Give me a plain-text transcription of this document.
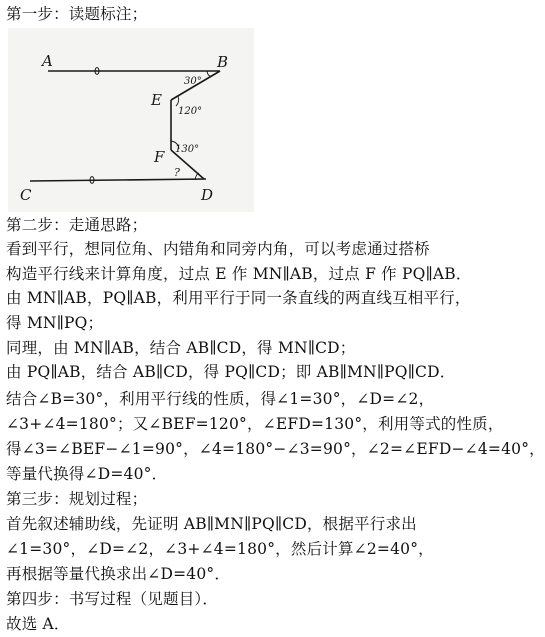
第一步：读题标注；
A	B
E
F
C	D
30°
120°
130°
?
第二步：走通思路；
看到平行，想同位角、内错角和同旁内角，可以考虑通过搭桥
构造平行线来计算角度，过点 E 作 MN∥AB，过点 F 作 PQ∥AB．
由 MN∥AB，PQ∥AB，利用平行于同一条直线的两直线互相平行，
得 MN∥PQ；
同理，由 MN∥AB，结合 AB∥CD，得 MN∥CD；
由 PQ∥AB，结合 AB∥CD，得 PQ∥CD；即 AB∥MN∥PQ∥CD．
结合∠B=30°，利用平行线的性质，得∠1=30°，∠D=∠2，
∠3+∠4=180°；又∠BEF=120°，∠EFD=130°，利用等式的性质，
得∠3=∠BEF−∠1=90°，∠4=180°−∠3=90°，∠2=∠EFD−∠4=40°，
等量代换得∠D=40°．
第三步：规划过程；
首先叙述辅助线，先证明 AB∥MN∥PQ∥CD，根据平行求出
∠1=30°，∠D=∠2，∠3+∠4=180°，然后计算∠2=40°，
再根据等量代换求出∠D=40°．
第四步：书写过程（见题目）．
故选 A．
